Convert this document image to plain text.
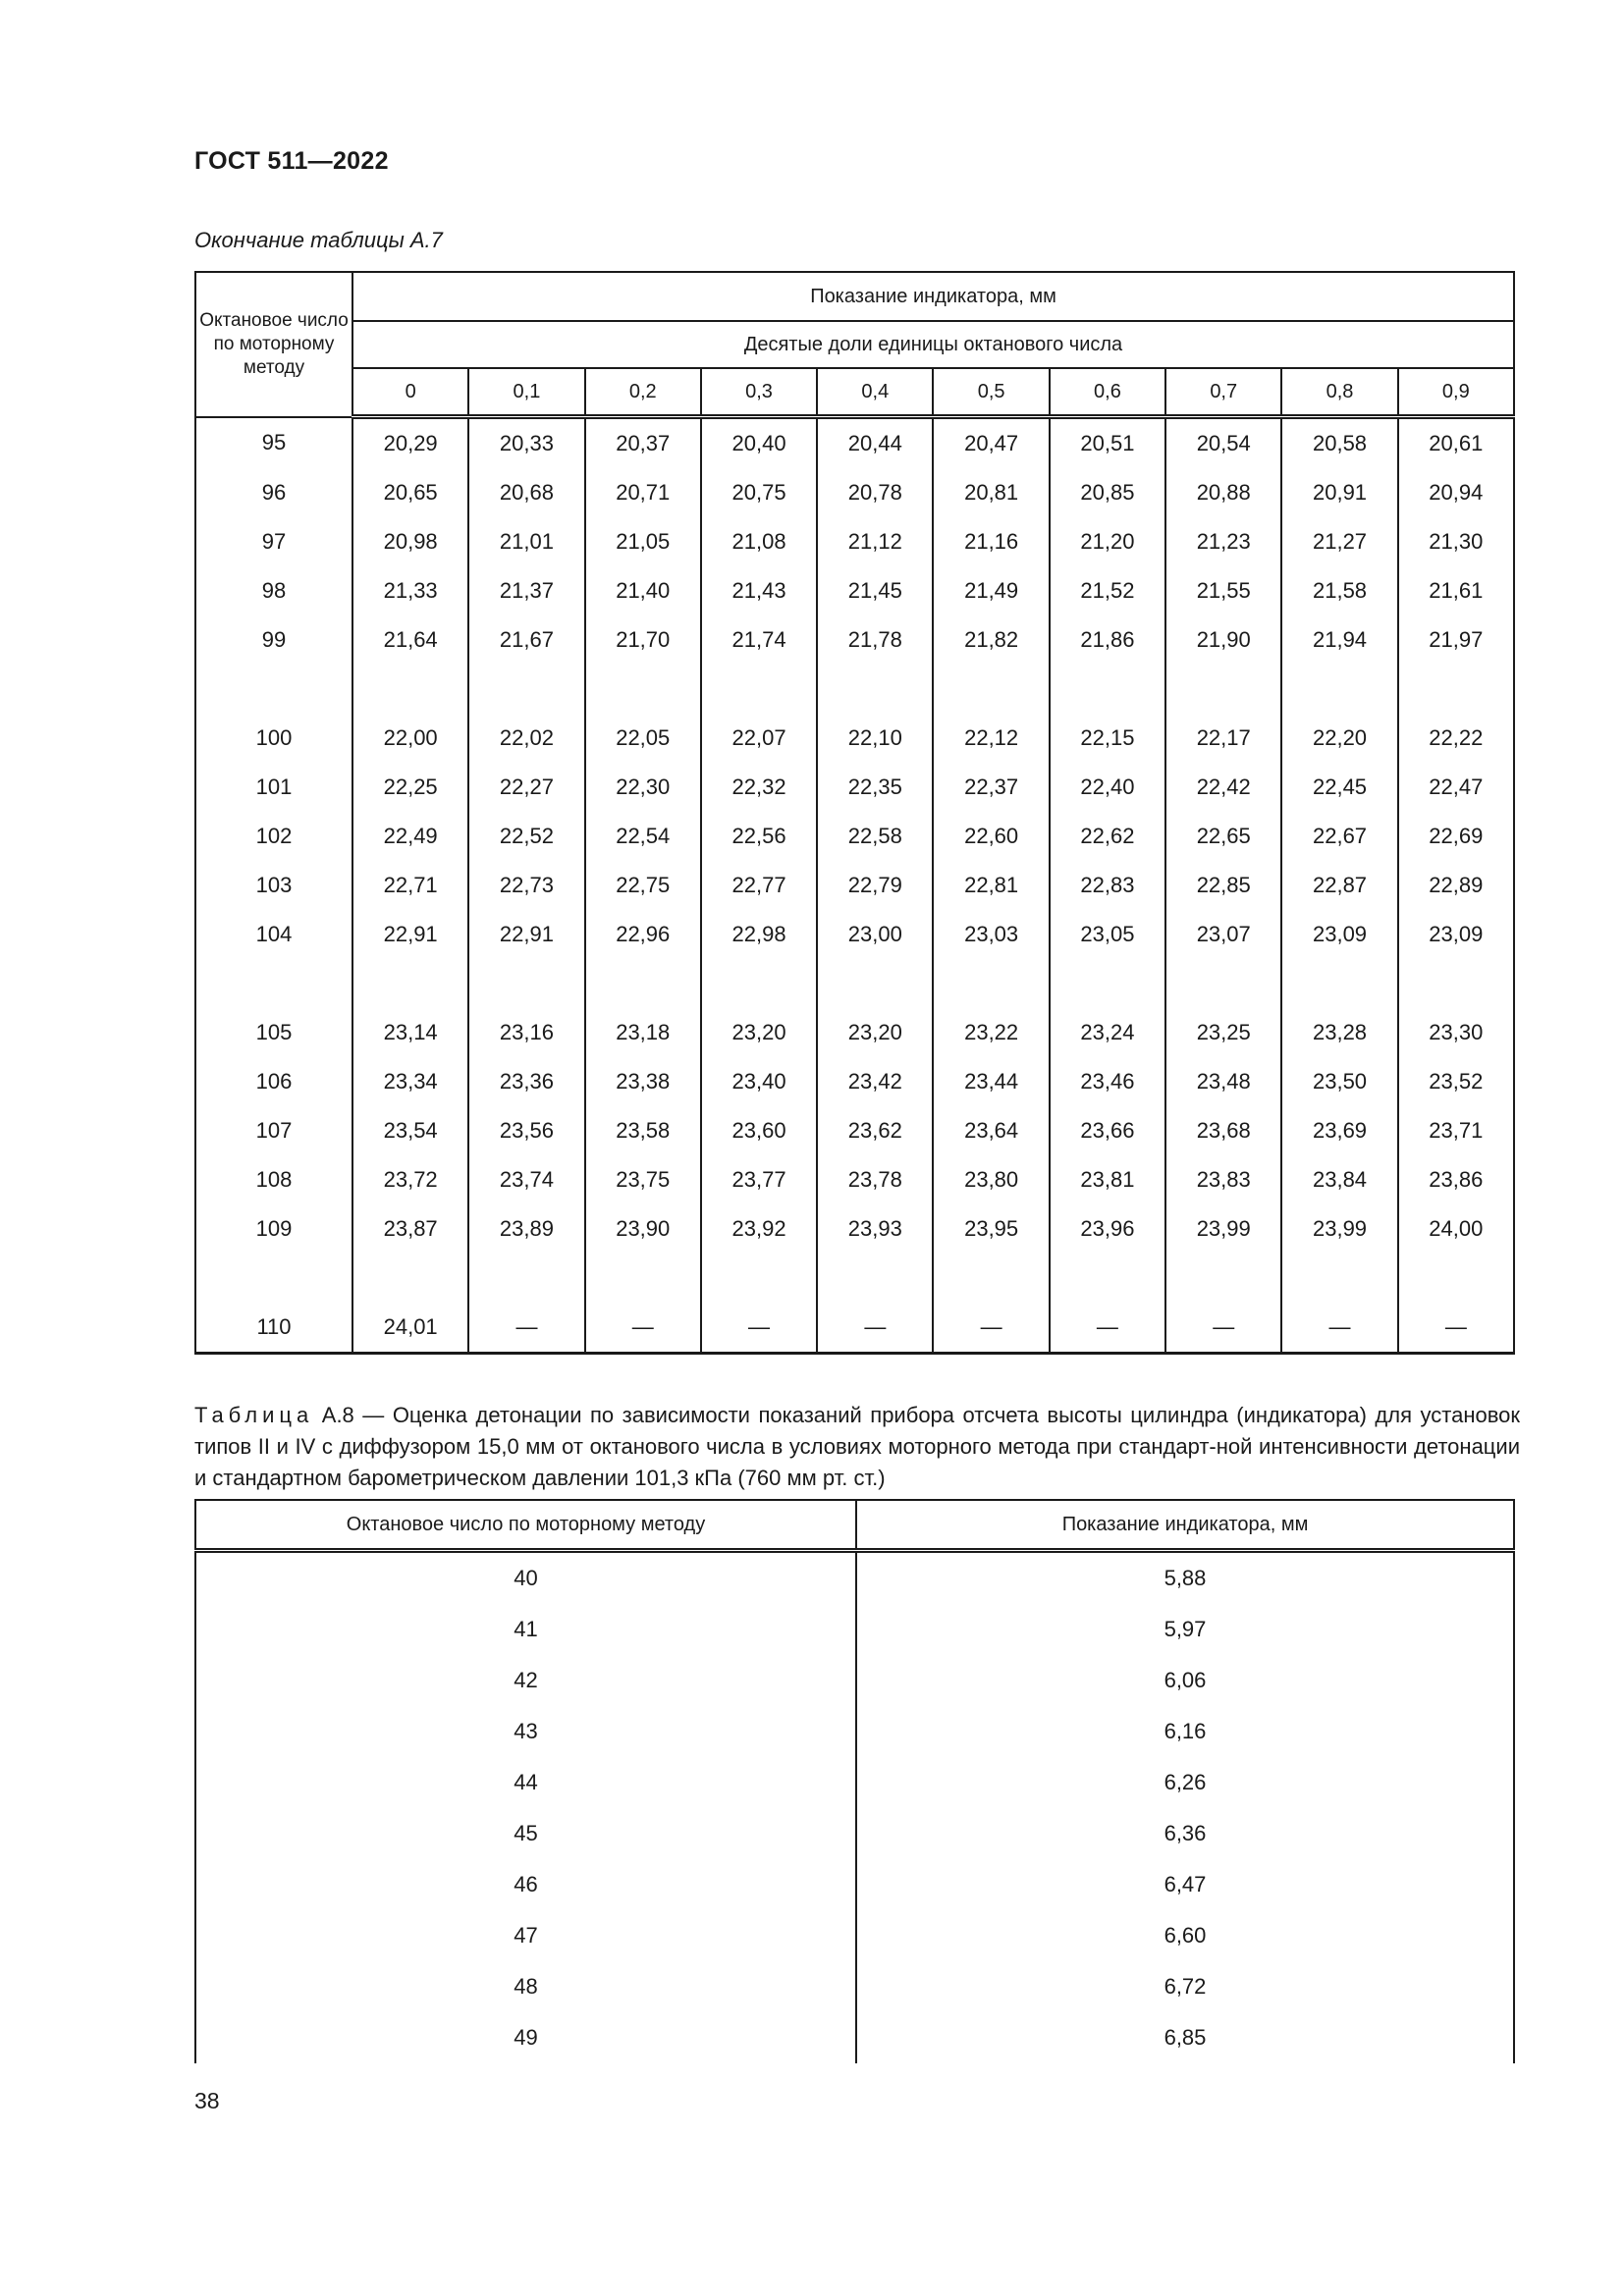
ГОСТ 511—2022
Окончание таблицы А.7
Октановое число по моторному методу	Показание индикатора, мм									
	Десятые доли единицы октанового числа									
	0	0,1	0,2	0,3	0,4	0,5	0,6	0,7	0,8	0,9
95	20,29	20,33	20,37	20,40	20,44	20,47	20,51	20,54	20,58	20,61
96	20,65	20,68	20,71	20,75	20,78	20,81	20,85	20,88	20,91	20,94
97	20,98	21,01	21,05	21,08	21,12	21,16	21,20	21,23	21,27	21,30
98	21,33	21,37	21,40	21,43	21,45	21,49	21,52	21,55	21,58	21,61
99	21,64	21,67	21,70	21,74	21,78	21,82	21,86	21,90	21,94	21,97

100	22,00	22,02	22,05	22,07	22,10	22,12	22,15	22,17	22,20	22,22
101	22,25	22,27	22,30	22,32	22,35	22,37	22,40	22,42	22,45	22,47
102	22,49	22,52	22,54	22,56	22,58	22,60	22,62	22,65	22,67	22,69
103	22,71	22,73	22,75	22,77	22,79	22,81	22,83	22,85	22,87	22,89
104	22,91	22,91	22,96	22,98	23,00	23,03	23,05	23,07	23,09	23,09

105	23,14	23,16	23,18	23,20	23,20	23,22	23,24	23,25	23,28	23,30
106	23,34	23,36	23,38	23,40	23,42	23,44	23,46	23,48	23,50	23,52
107	23,54	23,56	23,58	23,60	23,62	23,64	23,66	23,68	23,69	23,71
108	23,72	23,74	23,75	23,77	23,78	23,80	23,81	23,83	23,84	23,86
109	23,87	23,89	23,90	23,92	23,93	23,95	23,96	23,99	23,99	24,00

110	24,01	—	—	—	—	—	—	—	—	—
Таблица А.8 — Оценка детонации по зависимости показаний прибора отсчета высоты цилиндра (индикатора) для установок типов II и IV с диффузором 15,0 мм от октанового числа в условиях моторного метода при стандарт-ной интенсивности детонации и стандартном барометрическом давлении 101,3 кПа (760 мм рт. ст.)
Октановое число по моторному методу	Показание индикатора, мм
40	5,88
41	5,97
42	6,06
43	6,16
44	6,26
45	6,36
46	6,47
47	6,60
48	6,72
49	6,85
38
